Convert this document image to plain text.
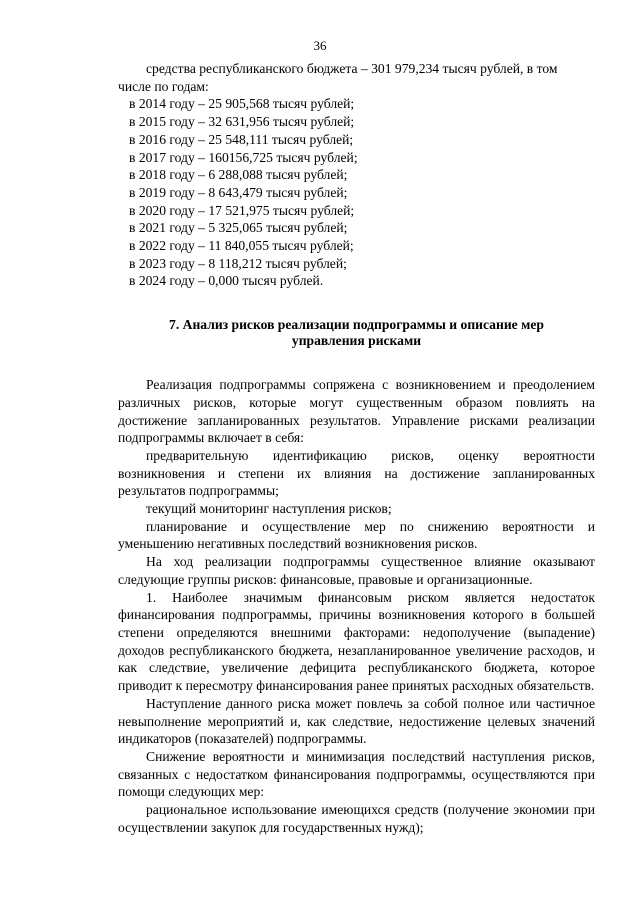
36

средства республиканского бюджета – 301 979,234 тысяч рублей, в том
числе по годам:

в 2014 году – 25 905,568 тысяч рублей;

в 2015 году – 32 631,956 тысяч рублей;

в 2016 году – 25 548,111 тысяч рублей;

в 2017 году – 160156,725 тысяч рублей;

в 2018 году – 6 288,088 тысяч рублей;

в 2019 году – 8 643,479 тысяч рублей;

в 2020 году – 17 521,975 тысяч рублей;

в 2021 году – 5 325,065 тысяч рублей;

в 2022 году – 11 840,055 тысяч рублей;

в 2023 году – 8 118,212 тысяч рублей;

в 2024 году – 0,000 тысяч рублей.

7. Анализ рисков реализации подпрограммы и описание мер
управления рисками

Реализация подпрограммы сопряжена с возникновением и преодолением различных рисков, которые могут существенным образом повлиять на достижение запланированных результатов. Управление рисками реализации подпрограммы включает в себя:

предварительную идентификацию рисков, оценку вероятности возникновения и степени их влияния на достижение запланированных результатов подпрограммы;

текущий мониторинг наступления рисков;

планирование и осуществление мер по снижению вероятности и уменьшению негативных последствий возникновения рисков.

На ход реализации подпрограммы существенное влияние оказывают следующие группы рисков: финансовые, правовые и организационные.

1. Наиболее значимым финансовым риском является недостаток финансирования подпрограммы, причины возникновения которого в большей степени определяются внешними факторами: недополучение (выпадение) доходов республиканского бюджета, незапланированное увеличение расходов, и как следствие, увеличение дефицита республиканского бюджета, которое приводит к пересмотру финансирования ранее принятых расходных обязательств.

Наступление данного риска может повлечь за собой полное или частичное невыполнение мероприятий и, как следствие, недостижение целевых значений индикаторов (показателей) подпрограммы.

Снижение вероятности и минимизация последствий наступления рисков, связанных с недостатком финансирования подпрограммы, осуществляются при помощи следующих мер:

рациональное использование имеющихся средств (получение экономии при осуществлении закупок для государственных нужд);
